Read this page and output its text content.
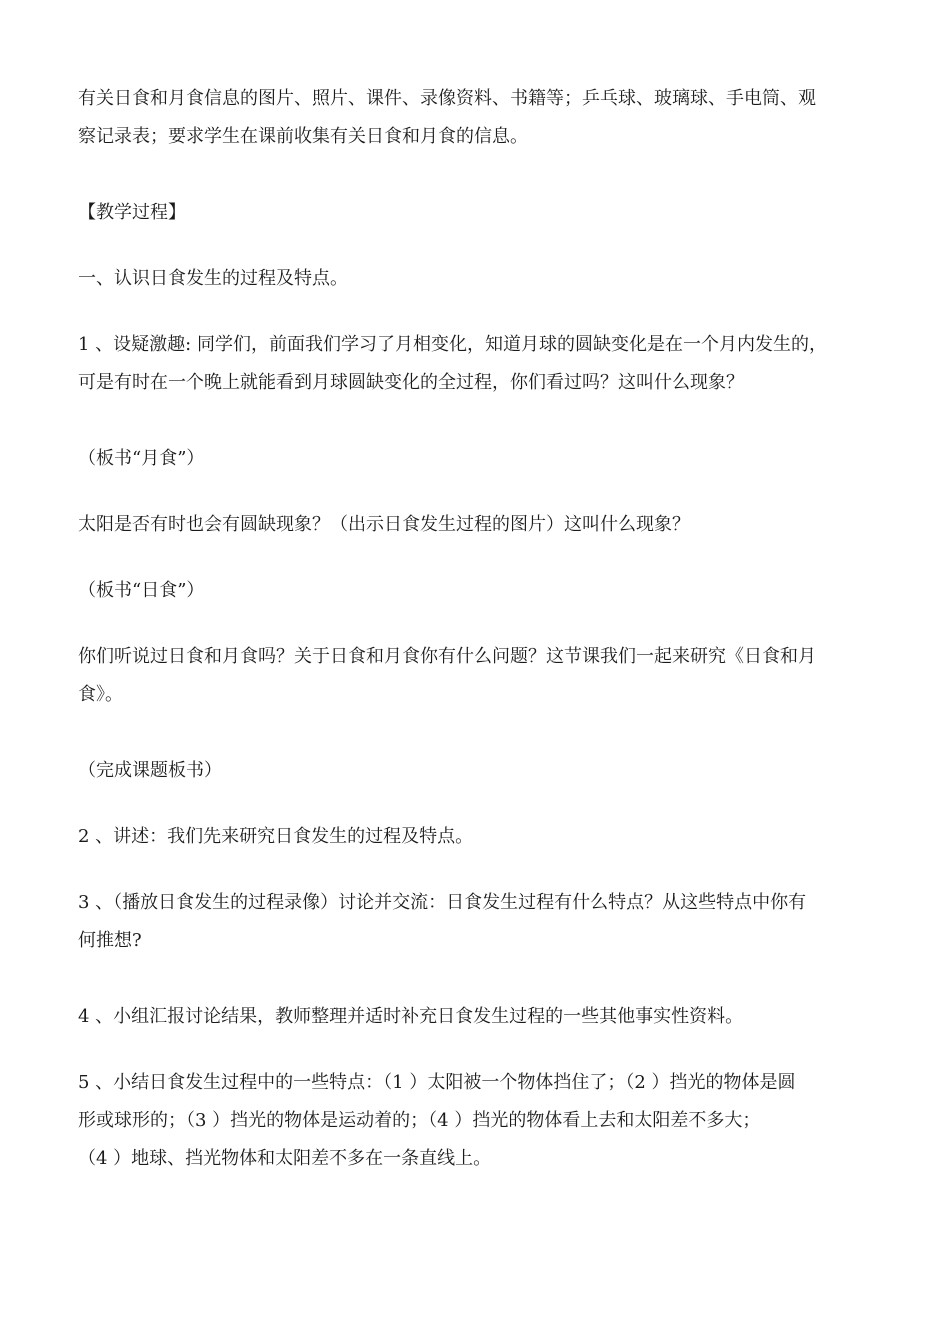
有关日食和月食信息的图片、照片、课件、录像资料、书籍等；乒乓球、玻璃球、手电筒、观
察记录表；要求学生在课前收集有关日食和月食的信息。

【教学过程】

一、认识日食发生的过程及特点。

1 、设疑激趣: 同学们，前面我们学习了月相变化，知道月球的圆缺变化是在一个月内发生的，
可是有时在一个晚上就能看到月球圆缺变化的全过程，你们看过吗？这叫什么现象？

（板书“月食”）

太阳是否有时也会有圆缺现象？（出示日食发生过程的图片）这叫什么现象？

（板书“日食”）

你们听说过日食和月食吗？关于日食和月食你有什么问题？这节课我们一起来研究《日食和月
食》。

（完成课题板书）

2 、讲述：我们先来研究日食发生的过程及特点。

3 、（播放日食发生的过程录像）讨论并交流：日食发生过程有什么特点？从这些特点中你有
何推想?

4 、小组汇报讨论结果，教师整理并适时补充日食发生过程的一些其他事实性资料。

5 、小结日食发生过程中的一些特点：（1 ）太阳被一个物体挡住了；（2 ）挡光的物体是圆
形或球形的；（3 ）挡光的物体是运动着的；（4 ）挡光的物体看上去和太阳差不多大；
（4 ）地球、挡光物体和太阳差不多在一条直线上。
